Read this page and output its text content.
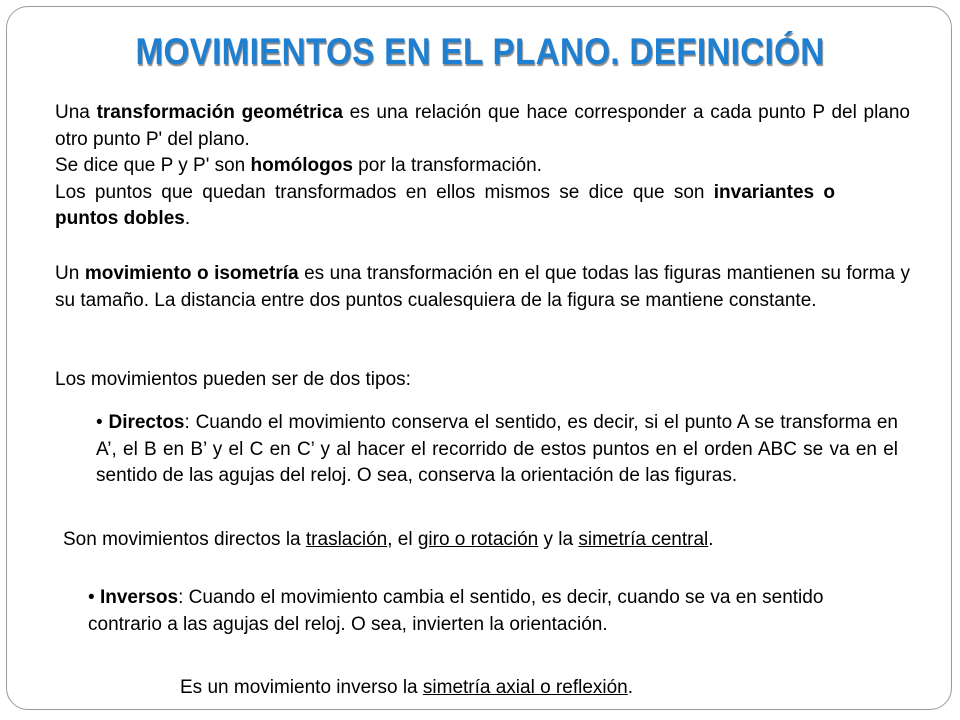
MOVIMIENTOS EN EL PLANO. DEFINICIÓN

Una transformación geométrica es una relación que hace corresponder a cada punto P del plano otro punto P' del plano.

Se dice que P y P' son homólogos por la transformación.

Los puntos que quedan transformados en ellos mismos se dice que son invariantes o puntos dobles.

Un movimiento o isometría es una transformación en el que todas las figuras mantienen su forma y su tamaño. La distancia entre dos puntos cualesquiera de la figura se mantiene constante.

Los movimientos pueden ser de dos tipos:

• Directos: Cuando el movimiento conserva el sentido, es decir, si el punto A se transforma en A’, el B en B’ y el C en C’ y al hacer el recorrido de estos puntos en el orden ABC se va en el sentido de las agujas del reloj. O sea, conserva la orientación de las figuras.

Son movimientos directos la traslación, el giro o rotación y la simetría central.

• Inversos: Cuando el movimiento cambia el sentido, es decir, cuando se va en sentido contrario a las agujas del reloj. O sea, invierten la orientación.

Es un movimiento inverso la simetría axial o reflexión.
